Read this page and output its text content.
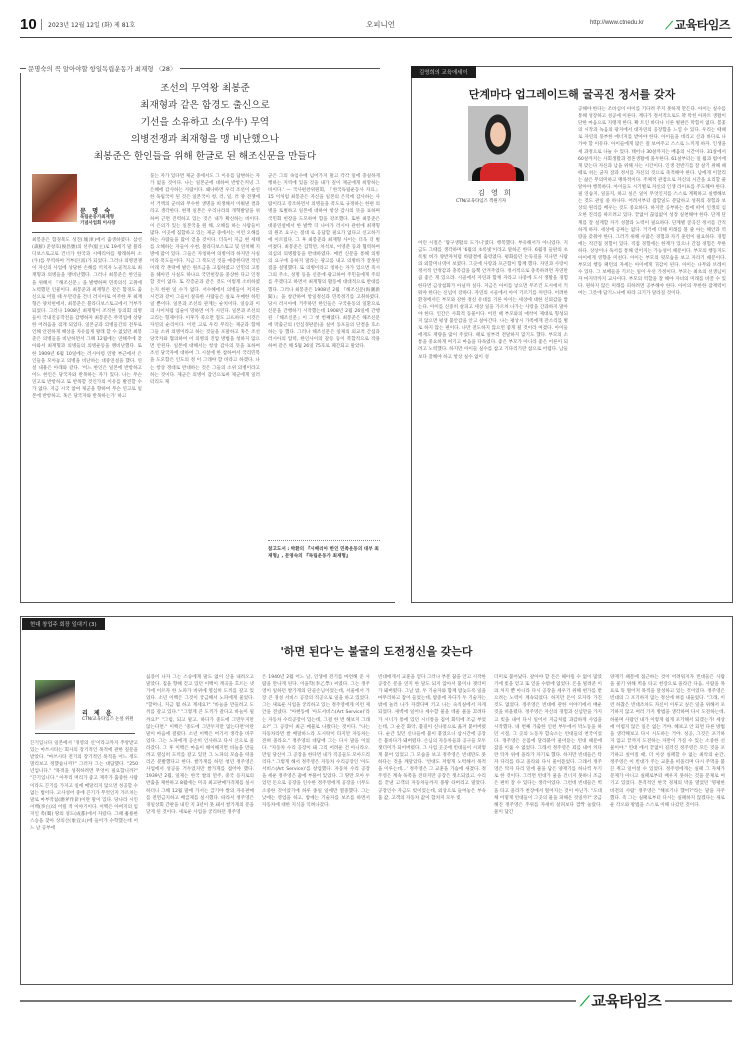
10 2023년 12월 12일 (화) 제 81호	오피니언	http://www.ctnedu.kr ⟋ 교육타임즈
문명숙의 꼭 알아야할 항일독립운동가 최재형 〈28〉
조선의 무역왕 최봉준
최재형과 같은 함경도 출신으로
기선을 소유하고 소(우牛) 무역
의병전쟁과 최재형을 맹 비난했으나
최봉준은 한인들을 위해 한글로 된 해조신문을 만들다
문 명 숙
독립운동가최재형
기념사업회 이사장
최봉준은 함경북도 성진(城津)에서 출생하였다. 삼선(森鮮) 준창호(俊昌號)의 선주(船主)로 19세기 말 블라디보스토크로 건너가 한국과 시베리아를 왕래하며 소(牛)를 무역하여 거부(巨富)가 되었다. 그러나 의병전쟁이 자신의 사업에 상당한 손해를 끼치자 노골적으로 최재형과 의병들을 맹비난했다. 그러나 최봉준은 한인들을 위해서 『해조신문』을 발행하며 민족의식 고취에 노력했던 인물이다. 최봉준과 최재형은 같은 함경도 출신으로 어릴 때 두만강을 건너 러시아로 이주한 후 최재형은 양치헌에서, 최봉준은 블라디보스토크에서 거부가 되었다. 그러나 1908년 최재형이 조직한 동의회 의병들이 국내진공작전을 감행하자 최봉준은 무역업에 상당한 어려움을 겪게 되었다. 일본군과 의병들간의 전투로 인해 안전하게 해상을 자유롭게 왕래 할 수 없었던 최봉준은 의병들을 비난하면서 그해 12월에는 연해주에 찾아와서 최재형과 의병들의 의병운동을 맹비난했다. 또한 1909년 6월 10일에는 러시아령 연방 부근에서 은인들을 모아놓고 의병을 비난하는 대중연설을 했다. 연설 내용은 아래와 같다. '어느 한인은 일본에 반항하고 어느 한인은 당국자와 반목하는 자가 있다. 나는 무슨 연고로 반항하고 또 반목할 것인가의 이유를 발견할 수가 없다. 지금 시국 참여 제군을 향하여 무슨 연고로 일본에 반항하고, 혹은 당국자와 반목하는가' 하고
묻는 자가 있다면 제군 중에서도 그 이유를 답변하는 자가 없을 것이다. 나는 일본군에 대하여 반항은커녕 그 은혜에 감사하는 사람이다. 왜냐하면 우리 조선이 순연한 독립국이 된 것은 일본국이 청, 러, 일, 러 양 전쟁에서 거액의 군비와 무수한 생명을 희생해서 이뤄낸 결과라고 생각한다. 현재 일본은 우리나라의 개혁발달을 위하여 근면 진력하고 있는 것은 내가 확신하는 바이다. 이 은의가 있는 일본국을 원 해, 오해를 하는 사람들이 많다. 이곳에 집합하고 있는 제군 중에서는 이런 오해를 하는 사람들을 많이 얻을 것이다. 더욱이 지금 현 세태를 오해하는 자들이 수천, 블라디보스토크 및 연치혜 지방에 많이 있다. 그들은 자칭하여 의병이라 하지만 사실이라 폭도들이다. 지금 그 폭도인 것을 예증한다면 작년 이래 각 촌락에 발은 원조금을 고집하였고 인민의 고통을 헤아린 사실도 하나요 국민헌장을 중상한 다고 인정할 것이 없다. 또 각층군과 같은 것도 이렇게 소비하였는지 한편 일 수가 없다. 서수혜에서 의병들이 저지른 시건과 같이 그들이 살육한 사람들은 실로 우매한 하민일 뿐이다. 일본과 조선의 관계는 순치이다. 일승과 이의 사이처럼 입술이 망하면 이가 시린다. 일본과 조선의 고리는 형제이다. 이후가 죽으면 절도 고뜨하다. 이것은 자연의 순리이다. 이런 고로 우리 무리는 제군과 함께 그들 소위 의병이라고 하는 것들을 포말하고 혹은 조선 당국자와 협의하여 이 의병의 진압 방법을 청하지 않으면 안된다. 일본에 대해서는 항상 감사의 뜻을 표하여 조선 당국자에 대하여 그 시설에 한 참하여서 국리민복을 도모함은 인도의 정 이 그래야 할 바라고 하겠다. 나는 항상 정대로 반대하는 것은 그들의 소위 의병이라고 하는 것이다. 제군은 의병이 갑인으로써 제군에게 일러터리도 제
군은 그의 속임수에 넘어가지 말고 각각 일에 충실하게 행하는 지역에 있을 것을 내가 깊이 제군에게 희망하는 바이다.' — 국사편찬위원회, 『한국독립운동사 자료』 15 이처럼 최봉준은 자신을 일본의 은덕에 감사하는 사람이라고 강조하면서 의병들을 폭도로 규정하는 한편 의병을 토벌하고 일본에 대하여 항상 감사의 뜻을 표하며 국민회 헌장을 도모하여 함을 강조했다. 또한 최봉준은 대중연설에서 한 발짝 더 나아가 러시아 관헌에 최재형의 원조 요구는 절대 로 응답할 필요가 없다고 신고하기에 이르렀다. 그 후 최봉준과 최재형 사이는 더욱 더 벌어졌다. 최봉준은 김학만, 차석보, 이영춘 등과 협력하여 의심의 의병활동을 반대하였다. 예컨 신문을 통해 의병의 요구에 응하지 말라는 광고를 내고 의병바가 잘못된 점을 설명했다. 또 의병이라고 칭하는 자가 있으면 즉시 그의 주소, 성명 등을 신문에 광고하여 주민들에게 주의를 주겠다고 하면서 최재형의 활동에 대대적으로 반대를 했다. 그러나 최봉준은 1908년 2월 『해조신문(海潮新聞)』을 창간하여 항일정신과 민족정기를 고취하였다. 당시 러시아에 거주하던 한인들은 구국운동의 일환으로 신문을 간행하기 시작했는데 1908년 2월 26일에 간행된 『해조신문』이 그 첫 번째였다. 최봉준은 해조신문에 막출근의 (언심경판문)을 실어 동포들의 단결을 호소하는 등 했다. 그러나 해조신문은 일제의 외교적 간섭과 러시아의 압력, 한인사이의 갈등 등이 복합적으로 작용하여 같은 해 5월 26일 75호로 폐간되고 말았다.
참고도서 : 박환의 『시베리아 한인 민족운동의 대부 최재형』, 문영숙의 『독립운동가 최재형』
김영희의 교육에세이
단계마다 업그레이드해 굴곡진 정서를 갖자
김 영 희
CTN/교육타임즈 객원기자
어린 시절은 '람구생활의 도가니'였다. 행복했다. 부유해서가 아니었다. 지금도 그때를 생각하며 '6월의 초록빛'이라고 말하곤 한다. 6월경 들판의 초록빛 벼가 양반자처럼 바람결에 출렁였다. 평화롭던 논둑길을 지나면 사람의 외할머니댁이 보였다. 그곳에 사랑과 포근함이 함께 했다. 자연과 사랑이 정서적 안정감과 충족감을 듬뿍 안겨주었다. 정서적으로 충족하려면 자연만큼 좋은 게 있으랴. 시골에서 자연과 함께 자라고 나중에 도시 생활을 경험한다면 금상첨화가 아닐까 싶다. 지금은 아이를 낳으면 무조건 도시에서 키워야 한다는 신념이 강하다. 자연의 시골에서 아이 기르기를 꺼린다. 어려한 환경에서든 부모와 강한 정신 유대를 기른 아이는 세상에 대한 신뢰감을 쌓는다. 아이를 신중히 살피고 세상 일을 가르쳐 나가는 사랑을 간과하지 말아야 한다. 인간은 사회적 동물이다. 어린 때 부모와의 애착이 제대로 형성되지 않으면 평생 불안감을 안고 살아간다. 나는 평상시 가족에게 잔소리를 별로 하지 않는 편이다. 나만 전도하지 않으면 좋게 될 것이라 여겼다. 아이들에게도 재량을 많이 주었다. 때로 일부러 전달하지 않기도 했다. 부모의 소통을 중요하게 여기고 마음을 다독였다. 좋은 부모가 아니라 좋은 어른이 되려고 노력했다. 하지만 아이들 실수를 참고 기다리기란 참으로 어렵다. 남들보다 잘해야 하고 항상 실수 없이 성
공해야 한다는 조바심이 아이를 기다려 주지 못하게 만든다. 아이는 실수를 통해 성장하고 성공에 이른다. 계다가 정서적으로도 꽉 막힌 아파트 생활이 단한 마음으로 지탱게 한다. 확 트인 바다나 너른 벌판은 막힘이 없다. 봄꽃의 시작과 녹음의 광지에서 대자연의 웅장함을 느낄 수 있다. 우리는 때때로 자연의 풍부한 에너지를 받아야 한다. 아이들을 데리고 산과 바다로 나가야 할 이유다. 아이들에게 많은 걸 보여주고 스스로 느끼게 하자. 인생을 세 과정으로 나눌 수 있다. 태어나 30살까지는 배움의 시간이다. 31살에서 60살까지는 사회생활과 결혼생활에 몰두한다. 61살부터는 일 월과 범이에게 맞는다 자신과 남을 위해 사는 시간이다. 인생 전반기를 잘 살기 위해 때때로 쉬는 균자 잘과 정서를 자신의 것으로 축적해야 한다. 남에게 이끌리는 삶은 무의미하고 맹목적이다. 주체적 관점으로 자신의 시간을 요리할 줄 알아야 행복하다. 아이들도 시기별로 자신의 인생 라이프를 주도해야 한다. 필 연습지, 일을지, 하고 싶은 일이 무엇인지를 스스로 계획하고 실행해보는 것도 관일 중 하나다. 어려서부터 잡할일도 분담하고 성취의 경험과 보상의 원리를 배우는 것도 중요하다. 하지만 공부하는 틈에 떠어 인생의 심오한 진리를 따르려고 있다. 끝없이 끊임없이 성장 실천해야 한다. 단계 단계를 잘 설계할 자기 성찰과 노력이 필요하다. 단계별 굴곡진 정서를 간직하게 하자. 세상에 공짜는 없다. 거기에 더해 미래를 볼 줄 아는 해안과 역량을 갖춰야 한다. 그러기 위해 수많은 경험과 자기 훈련이 필요하다. 경험에는 직간접 경험이 있다. 직접 경험에는 한계가 있으나 간접 경험은 무한하다. 상상이나 독서를 통해 얻어지는 가능성이 때문이다. 부모의 행동지도 아이에게 영향을 미친다. 아이는 부모의 뒷모습을 보고 자라기 때문이다. 부모의 행동 패턴의 자세는 아이에게 귀감이 된다. 아이는 나무와 브레이 수 있다. 그 보배들을 기르는 일이 우선 가정이다. 부모는 최초의 선생님이자 마지막까지 교사이다. 부모의 역할을 잘 해야 자녀의 미래를 바꿀 수 있다. 원하지 않은 미래를 피하려면 공부해야 한다. 아이의 무한한 잠재력이 여는 그릇에 담기느냐에 따라 크기가 달라질 것이다.
현대 창업주 회장 일대기 (3)
'하면 된다'는 불굴의 도전정신을 갖는다
리 제 윤
CTN/교육타임즈 논설 위원
끈기입니다 일본에서 '경영의 신'이라고까지 추앙받고 있는 마쓰시타는 회사의 장기적인 목적에 관한 질문을 받았다. "마쓰시타 전기의 장기적인 목적을 어느 정도 멀리보고 정했습니까?" 그러자 그는 대답했다. "250년입니다." "목적을 성취하려면 무엇이 필요합니까?" "끈기입니다." 아무리 머리가 좋고 재주가 출중한 사람이라도 끈기를 가지고 일에 매달리지 않으면 성공할 수 없는 법이다. 고사성어 중에 끈기가 무엇인지 가르치는 말로 마부작침(磨斧作針)이란 말이 있다. 당나라 시인 이백(李白)의 어릴 적 이야기이다. 이백은 아버지의 임지인 촉(蜀) 땅의 성도(成都)에서 자랐다. 그때 훌륭한 스승을 찾아 상의산(象宜山)에 들어가 수학했는데 어느 날 공부에
싫증이 나자 그는 스승에게 말도 없이 산을 내려오고 말았다. 집을 향해 걷고 있던 이백이 계곡을 흐르는 냇가에 이르자 한 노파가 바위에 열심히 도끼를 갈고 있었다. 소년 이백은 그것이 궁금해서 노파에게 물었다. "할머니, 지금 뭘 하고 계세요?" "바늘을 만들려고 도끼를 갈고 있다." "그렇게 큰 도끼가 갈다고 바늘이 될까요?" "그럼, 되고 말고. 하다가 중도에 그만두지만 않는다면." 이백은 '중도에 그만두지만 않는다면'이란 말이 마음에 걸렸다. 소년 이백은 여기서 생각을 바꾸었다. 그는 노파에게 공손히 인사하고 다시 산으로 올라갔다. 그 후 이백은 마음이 해이해지면 바늘을 만들려고 열심히 도끼를 갈고 있던 그 노파의 모습을 떠올리곤 분발했다고 한다. 쌀가게를 하던 청년 정주영은 사업에서 성공을 거두었지만 쌀가게를 접어야 했다. 1939년 2월, 일제는 한국 쌀의 만주, 중국 등지로의 반출을 제한하고 8월에는 미곡 최고판매가격제를 실시하더니 그해 12월 말에 가서는 급기야 쌀의 자유판매를 전면금지하고 배급제를 실시했다. 따라서 정주영은 경일상회 간판을 내린 지 3년이 못 돼서 쌀가게의 문을 닫게 된 것이다. 새로운 사업을 궁리하던 정주영
은 1940년 2월 어느 날, 인생에 전기를 마련해 준 사람을 만나게 된다. 이을학(李乙學) 씨였다. 그는 정주영이 일하던 쌀가게의 단골손님이었는데, 서울에서 가장 큰 경성 서비스 공장의 직공으로 일을 하고 있었다. 그는 새로운 사업을 궁리하고 있는 정주영에게 이런 제안을 전넸다. "아현동에 '아도서비스(Art Service)'라는 자동차 수리공장이 있는데, 그걸 한 번 해보지 그래요?" 그 공장이 최근 매물로 나왔다는 것이다. "나는 자동차라면 쌀 배달하느라 도시락이 타지만 자동차는 전혀 몰라요." 정주영의 대답에 그는 다시 말을 이었다. "자동차 수리 공장이 돼 그리 어려운 건 아니라오. 만일 당신이 그 공장을 한다면 내가 직공들도 모아드리리다." 그렇게 해서 정주영은 자동차 수리공장인 '아도 서비스(Art Service)'를 창업했다. 자동차 수리 공장을 세운 정주영은 꿈에 부풀어 있었다. 그 땅만 모아 두었던 돈으로 공장을 인수한 정주영에게 공장을 너무도 소중한 것이었기에 하루 종일 일에만 열중했다. 그는 낮에는 영업을 하고, 밤에는 기술자를 보조를 하면서 자동차에 대한 지식을 익혀나갔다.
빈대에게서 교훈을 얻다 그러나 부푼 꿈을 안고 시작한 공장은 문을 연지 한 달도 되지 않아서 불이나 잿더미가 돼버렸다. 그날 밤, 두 기술자와 함께 밤늦도록 일을 마무리하고 잠이 들었는데, 밤중에 자다가 두 기술자는 밖에 놀러 나가 자겠다며 키고 나는 숙직실에서 자게 되었다. 새벽에 일어나 세수할 물을 데울 물을 끄려다가 시너가 통에 있던 시너통을 집어 화덕에 조금 부었는데, 그 순간 화악, 불길이 신나통으로 옮겨 붙어버렸다. 순간 있던 신나들에 불이 붙었으니 삽시간에 공장은 불바다가 돼버렸다. 손님의 자동차들과 공구들 모두 잿더미가 되어버렸다. 그 사업 곳곳에 빈대들이 시퍼렇게 붙어 있었고 그 모습을 보고 정주영은 빈대만도 못하다는 것을 깨달았다. '빈대도 저렇게 노력해서 목적을 이루는데…' 정주영은 그 교훈을 가슴에 새겼다. 정주영은 계속 독촉을 견뎌지만 공장은 잿소되었고, 수리를 끝낸 고객의 자동차들까지 몽땅 타버리고 말았다. 공장인수 자금도 빚이었는데, 외상으로 들여놓은 부속품 값, 고객의 자동차 값이 합쳐져 모두 빚
더미로 불어났다. 갚아야 할 돈은 헤아릴 수 없이 많았기에 빚을 얻고 또 얻을 수밖에 없었다. 돈을 빌려준 이의 처지 뿐 아니라 다시 공장을 세우기 위해 현가를 받으려는 노력이 계속되었다. 하지만 돈이 모자라 가진 것도 없었다. 정주영은 빈대에 관한 이야기에서 배운 것을 떠올렸다. 정주영은 자신의 경험과 신념만을 가지고 빚을 내어 다시 일어서 지금처럼 과감하게 사업을 시작했다. 네 번째 가출한 인천 부두에서 막노동을 하던 시절, 그 곳의 노동자 합숙소는 빈대들의 천국이었다. 정주영은 온몸에 달라붙어 물어뜯는 빈대 때문에 잠을 이룰 수 없었다. 그래서 정주영은 꾀를 내어 커다란 탁자 위에 올라가 자기로 했다. 하지만 빈대들은 탁자 다리를 타고 올라와 다시 물어뜯었다. 그래서 정주영은 탁자 다리 밑에 물을 담은 양재기를 하나씩 두기로 한 것이다. 그러면 빈대가 물을 건너지 못하니 조금은 편히 잘 수 있다는 생각이었다. 그런데 빈대들은 벽을 타고 올라가 천장에서 떨어지는 것이 아닌가. "도대체 어떻게 빈대들이 그곳의 물을 피해온 것일까?" 궁금해진 정주영은 주위를 자세히 살펴보다 깜짝 놀랐다. 물이 담긴
양재기 때문에 접근하는 것이 어려워지자 빈대들은 사람을 물기 위해 벽을 타고 천장으로 올라간 다음, 사람을 목표로 뚝 떨어져 목적을 달성하고 있는 것이었다. 정주영은 빈대의 그 포기하지 않는 정신에 혀를 내둘렀다. "그래, 이런 하찮은 빈대조차도 자신이 이루고 싶은 일을 위해서 포기하지 않고 여러 가지 방법을 생각하며 다시 도전하는데, 하물며 사람인 내가 이렇게 쉽게 포기해서 되겠는가! 세상에 어렵지 않은 일은 없는 거야. 혜보고 안 되면 다른 방법을 생각해보고 다시 시도하는 거야. 성공, 그것은 포기하지 않고 끝까지 도전하는 자만이 가질 수 있는 소중한 선물이야." 빈대 에서 끝없이 길러진 정주영은 모든 것을 포기하고 싶어질 때, 더 이상 실패할 수 없는 최악의 순간, 정주영은 이 빈대가 주는 교훈을 떠올리며 다시 주먹을 불끈 쥐고 일어설 수 있었다. 정주영에게는 실패 그 자체가 문제가 아니고 실패로부터 배우지 못하는 것을 문제로 여기고 있었다. 본격적인 한국 경제의 막을 열었던 '명평한 비전의 사람' 정주영은 "해보기나 했어?"라는 말을 자주 했다. 즉 그는 실패로부터 다시는 실패하지 않겠다는 새로운 각오와 방법을 스스로 이해 나갔던 것이다.
⟋ 교육타임즈
